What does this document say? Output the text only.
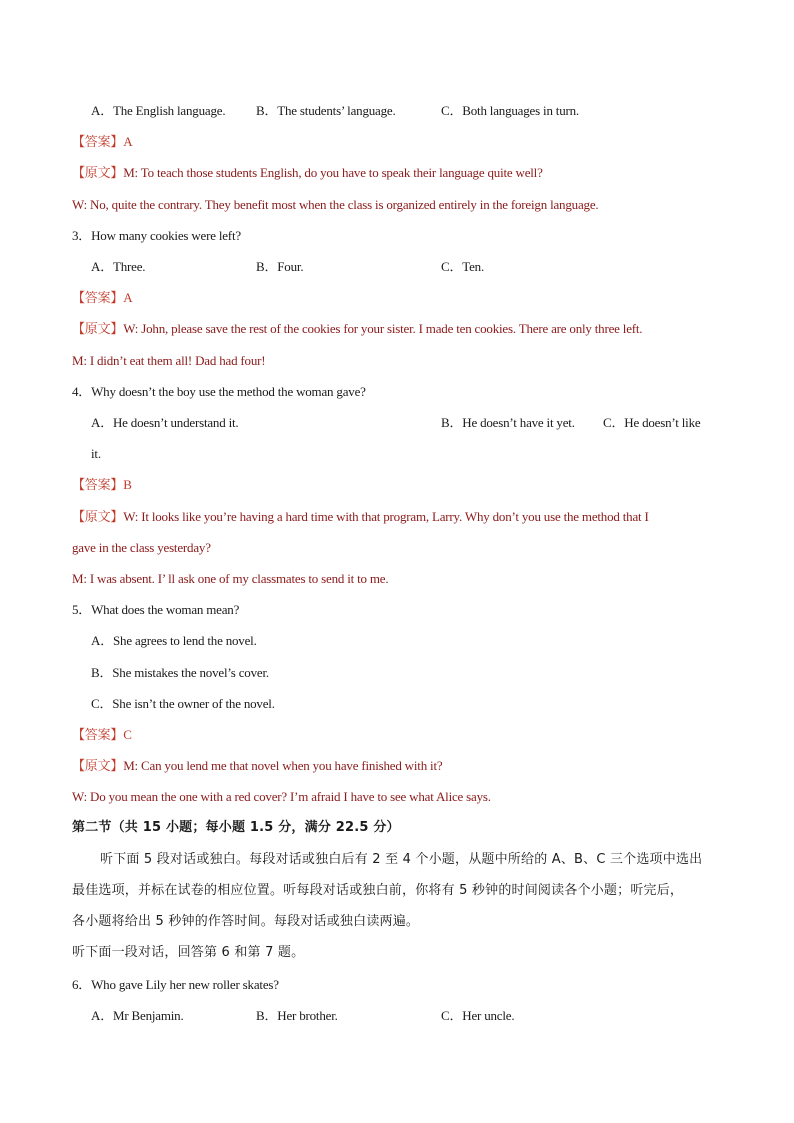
A．The English language. B．The students’ language.	C．Both languages in turn.
【答案】A
【原文】M: To teach those students English, do you have to speak their language quite well?
W: No, quite the contrary. They benefit most when the class is organized entirely in the foreign language.
3．How many cookies were left?
A．Three.	B．Four.	C．Ten.
【答案】A
【原文】W: John, please save the rest of the cookies for your sister. I made ten cookies. There are only three left.
M: I didn’t eat them all! Dad had four!
4．Why doesn’t the boy use the method the woman gave?
A．He doesn’t understand it.	B．He doesn’t have it yet. C．He doesn’t like
it.
【答案】B
【原文】W: It looks like you’re having a hard time with that program, Larry. Why don’t you use the method that I
gave in the class yesterday?
M: I was absent. I’ ll ask one of my classmates to send it to me.
5．What does the woman mean?
A．She agrees to lend the novel.
B．She mistakes the novel’s cover.
C．She isn’t the owner of the novel.
【答案】C
【原文】M: Can you lend me that novel when you have finished with it?
W: Do you mean the one with a red cover? I’m afraid I have to see what Alice says.
第二节（共 15 小题；每小题 1.5 分，满分 22.5 分）
听下面 5 段对话或独白。每段对话或独白后有 2 至 4 个小题，从题中所给的 A、B、C 三个选项中选出
最佳选项，并标在试卷的相应位置。听每段对话或独白前，你将有 5 秒钟的时间阅读各个小题；听完后，
各小题将给出 5 秒钟的作答时间。每段对话或独白读两遍。
听下面一段对话，回答第 6 和第 7 题。
6．Who gave Lily her new roller skates?
A．Mr Benjamin.	B．Her brother.	C．Her uncle.
